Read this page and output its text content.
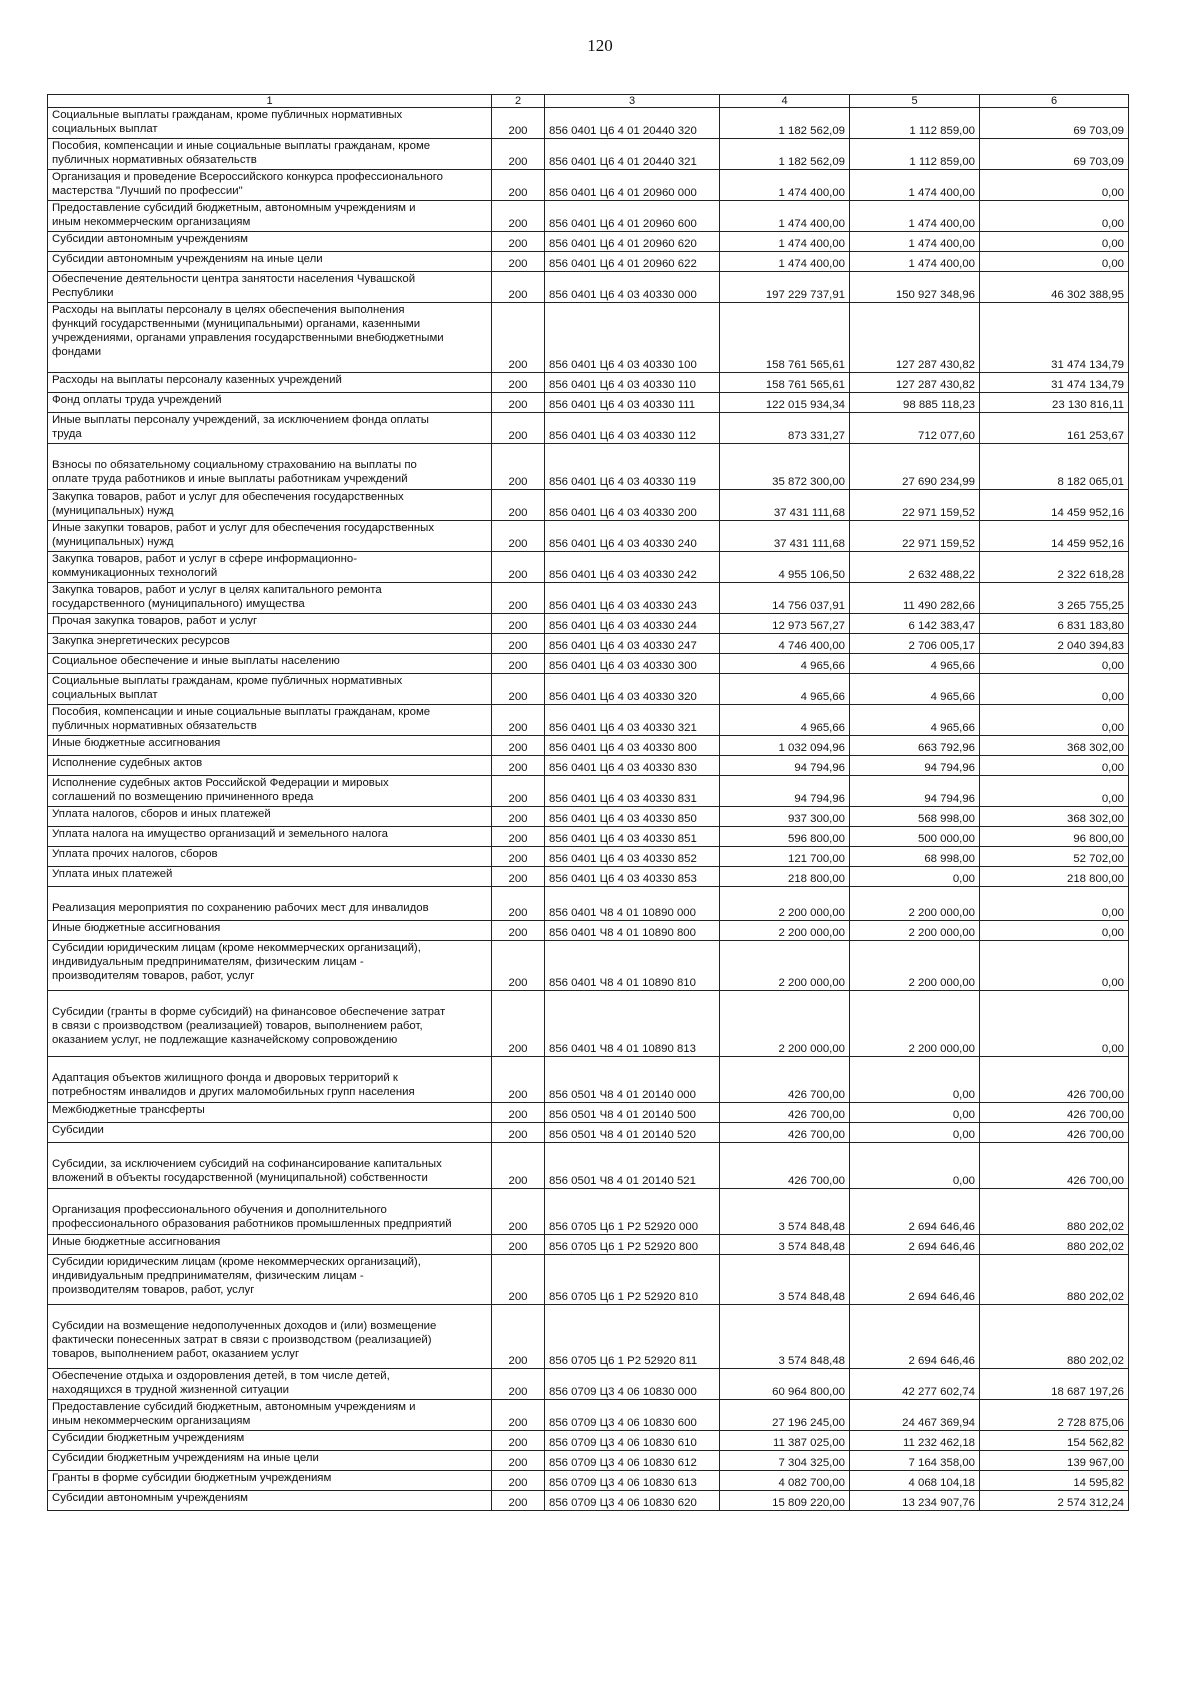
120
1	2	3	4	5	6
Социальные выплаты гражданам, кроме публичных нормативных
социальных выплат	200	856 0401 Ц6 4 01 20440 320	1 182 562,09	1 112 859,00	69 703,09
Пособия, компенсации и иные социальные выплаты гражданам, кроме
публичных нормативных обязательств	200	856 0401 Ц6 4 01 20440 321	1 182 562,09	1 112 859,00	69 703,09
Организация и проведение Всероссийского конкурса профессионального
мастерства "Лучший по профессии"	200	856 0401 Ц6 4 01 20960 000	1 474 400,00	1 474 400,00	0,00
Предоставление субсидий бюджетным, автономным учреждениям и
иным некоммерческим организациям	200	856 0401 Ц6 4 01 20960 600	1 474 400,00	1 474 400,00	0,00
Субсидии автономным учреждениям	200	856 0401 Ц6 4 01 20960 620	1 474 400,00	1 474 400,00	0,00
Субсидии автономным учреждениям на иные цели	200	856 0401 Ц6 4 01 20960 622	1 474 400,00	1 474 400,00	0,00
Обеспечение деятельности центра занятости населения Чувашской
Республики	200	856 0401 Ц6 4 03 40330 000	197 229 737,91	150 927 348,96	46 302 388,95
Расходы на выплаты персоналу в целях обеспечения выполнения
функций государственными (муниципальными) органами, казенными
учреждениями, органами управления государственными внебюджетными
фондами	200	856 0401 Ц6 4 03 40330 100	158 761 565,61	127 287 430,82	31 474 134,79
Расходы на выплаты персоналу казенных учреждений	200	856 0401 Ц6 4 03 40330 110	158 761 565,61	127 287 430,82	31 474 134,79
Фонд оплаты труда учреждений	200	856 0401 Ц6 4 03 40330 111	122 015 934,34	98 885 118,23	23 130 816,11
Иные выплаты персоналу учреждений, за исключением фонда оплаты
труда	200	856 0401 Ц6 4 03 40330 112	873 331,27	712 077,60	161 253,67

Взносы по обязательному социальному страхованию на выплаты по
оплате труда работников и иные выплаты работникам учреждений	200	856 0401 Ц6 4 03 40330 119	35 872 300,00	27 690 234,99	8 182 065,01
Закупка товаров, работ и услуг для обеспечения государственных
(муниципальных) нужд	200	856 0401 Ц6 4 03 40330 200	37 431 111,68	22 971 159,52	14 459 952,16
Иные закупки товаров, работ и услуг для обеспечения государственных
(муниципальных) нужд	200	856 0401 Ц6 4 03 40330 240	37 431 111,68	22 971 159,52	14 459 952,16
Закупка товаров, работ и услуг в сфере информационно-
коммуникационных технологий	200	856 0401 Ц6 4 03 40330 242	4 955 106,50	2 632 488,22	2 322 618,28
Закупка товаров, работ и услуг в целях капитального ремонта
государственного (муниципального) имущества	200	856 0401 Ц6 4 03 40330 243	14 756 037,91	11 490 282,66	3 265 755,25
Прочая закупка товаров, работ и услуг	200	856 0401 Ц6 4 03 40330 244	12 973 567,27	6 142 383,47	6 831 183,80
Закупка энергетических ресурсов	200	856 0401 Ц6 4 03 40330 247	4 746 400,00	2 706 005,17	2 040 394,83
Социальное обеспечение и иные выплаты населению	200	856 0401 Ц6 4 03 40330 300	4 965,66	4 965,66	0,00
Социальные выплаты гражданам, кроме публичных нормативных
социальных выплат	200	856 0401 Ц6 4 03 40330 320	4 965,66	4 965,66	0,00
Пособия, компенсации и иные социальные выплаты гражданам, кроме
публичных нормативных обязательств	200	856 0401 Ц6 4 03 40330 321	4 965,66	4 965,66	0,00
Иные бюджетные ассигнования	200	856 0401 Ц6 4 03 40330 800	1 032 094,96	663 792,96	368 302,00
Исполнение судебных актов	200	856 0401 Ц6 4 03 40330 830	94 794,96	94 794,96	0,00
Исполнение судебных актов Российской Федерации и мировых
соглашений по возмещению причиненного вреда	200	856 0401 Ц6 4 03 40330 831	94 794,96	94 794,96	0,00
Уплата налогов, сборов и иных платежей	200	856 0401 Ц6 4 03 40330 850	937 300,00	568 998,00	368 302,00
Уплата налога на имущество организаций и земельного налога	200	856 0401 Ц6 4 03 40330 851	596 800,00	500 000,00	96 800,00
Уплата прочих налогов, сборов	200	856 0401 Ц6 4 03 40330 852	121 700,00	68 998,00	52 702,00
Уплата иных платежей	200	856 0401 Ц6 4 03 40330 853	218 800,00	0,00	218 800,00

Реализация мероприятия по сохранению рабочих мест для инвалидов	200	856 0401 Ч8 4 01 10890 000	2 200 000,00	2 200 000,00	0,00
Иные бюджетные ассигнования	200	856 0401 Ч8 4 01 10890 800	2 200 000,00	2 200 000,00	0,00
Субсидии юридическим лицам (кроме некоммерческих организаций),
индивидуальным предпринимателям, физическим лицам -
производителям товаров, работ, услуг	200	856 0401 Ч8 4 01 10890 810	2 200 000,00	2 200 000,00	0,00

Субсидии (гранты в форме субсидий) на финансовое обеспечение затрат
в связи с производством (реализацией) товаров, выполнением работ,
оказанием услуг, не подлежащие казначейскому сопровождению	200	856 0401 Ч8 4 01 10890 813	2 200 000,00	2 200 000,00	0,00

Адаптация объектов жилищного фонда и дворовых территорий к
потребностям инвалидов и других маломобильных групп населения	200	856 0501 Ч8 4 01 20140 000	426 700,00	0,00	426 700,00
Межбюджетные трансферты	200	856 0501 Ч8 4 01 20140 500	426 700,00	0,00	426 700,00
Субсидии	200	856 0501 Ч8 4 01 20140 520	426 700,00	0,00	426 700,00

Субсидии, за исключением субсидий на софинансирование капитальных
вложений в объекты государственной (муниципальной) собственности	200	856 0501 Ч8 4 01 20140 521	426 700,00	0,00	426 700,00

Организация профессионального обучения и дополнительного
профессионального образования работников промышленных предприятий	200	856 0705 Ц6 1 Р2 52920 000	3 574 848,48	2 694 646,46	880 202,02
Иные бюджетные ассигнования	200	856 0705 Ц6 1 Р2 52920 800	3 574 848,48	2 694 646,46	880 202,02
Субсидии юридическим лицам (кроме некоммерческих организаций),
индивидуальным предпринимателям, физическим лицам -
производителям товаров, работ, услуг	200	856 0705 Ц6 1 Р2 52920 810	3 574 848,48	2 694 646,46	880 202,02

Субсидии на возмещение недополученных доходов и (или) возмещение
фактически понесенных затрат в связи с производством (реализацией)
товаров, выполнением работ, оказанием услуг	200	856 0705 Ц6 1 Р2 52920 811	3 574 848,48	2 694 646,46	880 202,02
Обеспечение отдыха и оздоровления детей, в том числе детей,
находящихся в трудной жизненной ситуации	200	856 0709 Ц3 4 06 10830 000	60 964 800,00	42 277 602,74	18 687 197,26
Предоставление субсидий бюджетным, автономным учреждениям и
иным некоммерческим организациям	200	856 0709 Ц3 4 06 10830 600	27 196 245,00	24 467 369,94	2 728 875,06
Субсидии бюджетным учреждениям	200	856 0709 Ц3 4 06 10830 610	11 387 025,00	11 232 462,18	154 562,82
Субсидии бюджетным учреждениям на иные цели	200	856 0709 Ц3 4 06 10830 612	7 304 325,00	7 164 358,00	139 967,00
Гранты в форме субсидии бюджетным учреждениям	200	856 0709 Ц3 4 06 10830 613	4 082 700,00	4 068 104,18	14 595,82
Субсидии автономным учреждениям	200	856 0709 Ц3 4 06 10830 620	15 809 220,00	13 234 907,76	2 574 312,24
